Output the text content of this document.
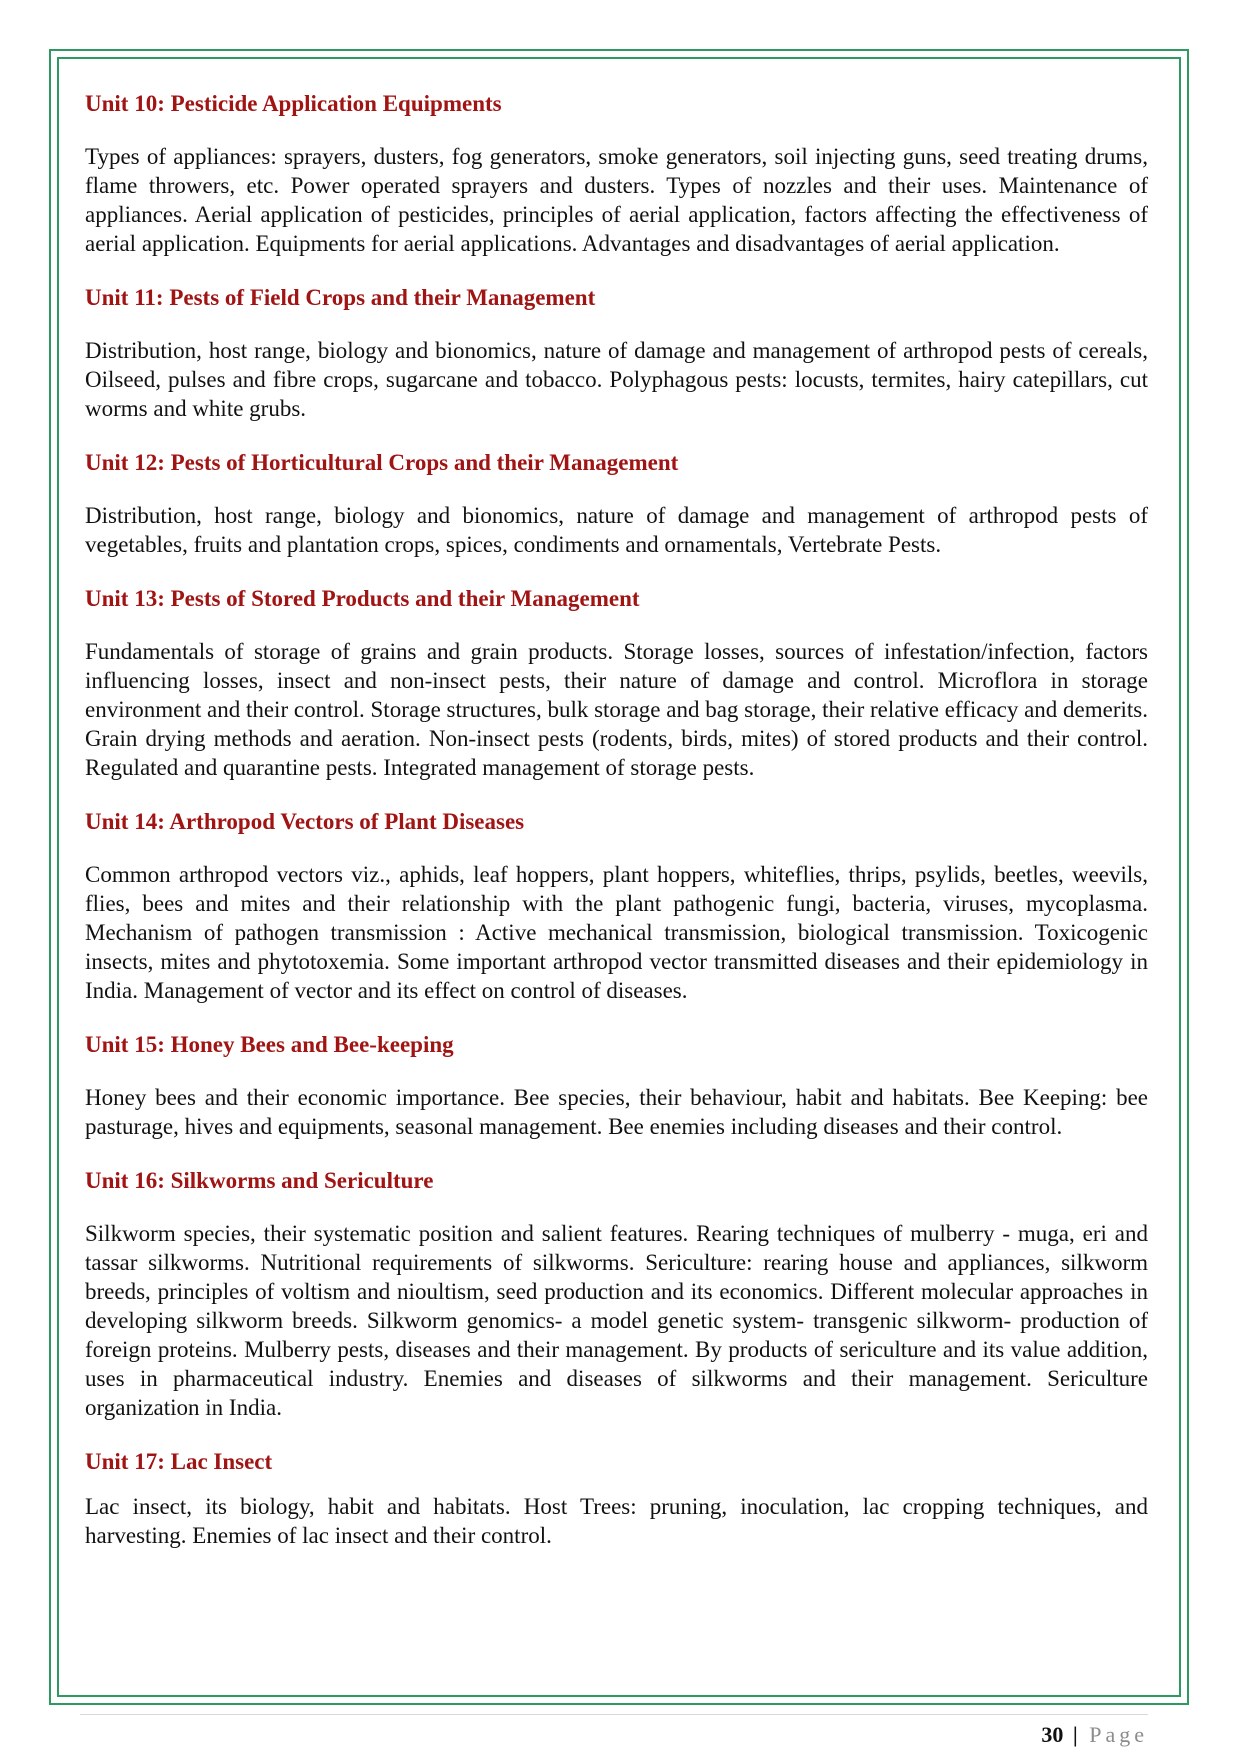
Unit 10: Pesticide Application Equipments

Types of appliances: sprayers, dusters, fog generators, smoke generators, soil injecting guns, seed treating drums, flame throwers, etc. Power operated sprayers and dusters. Types of nozzles and their uses. Maintenance of appliances. Aerial application of pesticides, principles of aerial application, factors affecting the effectiveness of aerial application. Equipments for aerial applications. Advantages and disadvantages of aerial application.

Unit 11: Pests of Field Crops and their Management

Distribution, host range, biology and bionomics, nature of damage and management of arthropod pests of cereals, Oilseed, pulses and fibre crops, sugarcane and tobacco. Polyphagous pests: locusts, termites, hairy catepillars, cut worms and white grubs.

Unit 12: Pests of Horticultural Crops and their Management

Distribution, host range, biology and bionomics, nature of damage and management of arthropod pests of vegetables, fruits and plantation crops, spices, condiments and ornamentals, Vertebrate Pests.

Unit 13: Pests of Stored Products and their Management

Fundamentals of storage of grains and grain products. Storage losses, sources of infestation/infection, factors influencing losses, insect and non-insect pests, their nature of damage and control. Microflora in storage environment and their control. Storage structures, bulk storage and bag storage, their relative efficacy and demerits. Grain drying methods and aeration. Non-insect pests (rodents, birds, mites) of stored products and their control. Regulated and quarantine pests. Integrated management of storage pests.

Unit 14: Arthropod Vectors of Plant Diseases

Common arthropod vectors viz., aphids, leaf hoppers, plant hoppers, whiteflies, thrips, psylids, beetles, weevils, flies, bees and mites and their relationship with the plant pathogenic fungi, bacteria, viruses, mycoplasma. Mechanism of pathogen transmission : Active mechanical transmission, biological transmission. Toxicogenic insects, mites and phytotoxemia. Some important arthropod vector transmitted diseases and their epidemiology in India. Management of vector and its effect on control of diseases.

Unit 15: Honey Bees and Bee-keeping

Honey bees and their economic importance. Bee species, their behaviour, habit and habitats. Bee Keeping: bee pasturage, hives and equipments, seasonal management. Bee enemies including diseases and their control.

Unit 16: Silkworms and Sericulture

Silkworm species, their systematic position and salient features. Rearing techniques of mulberry - muga, eri and tassar silkworms. Nutritional requirements of silkworms. Sericulture: rearing house and appliances, silkworm breeds, principles of voltism and nioultism, seed production and its economics. Different molecular approaches in developing silkworm breeds. Silkworm genomics- a model genetic system- transgenic silkworm- production of foreign proteins. Mulberry pests, diseases and their management. By products of sericulture and its value addition, uses in pharmaceutical industry. Enemies and diseases of silkworms and their management. Sericulture organization in India.

Unit 17: Lac Insect

Lac insect, its biology, habit and habitats. Host Trees: pruning, inoculation, lac cropping techniques, and harvesting. Enemies of lac insect and their control.

30 | Page
